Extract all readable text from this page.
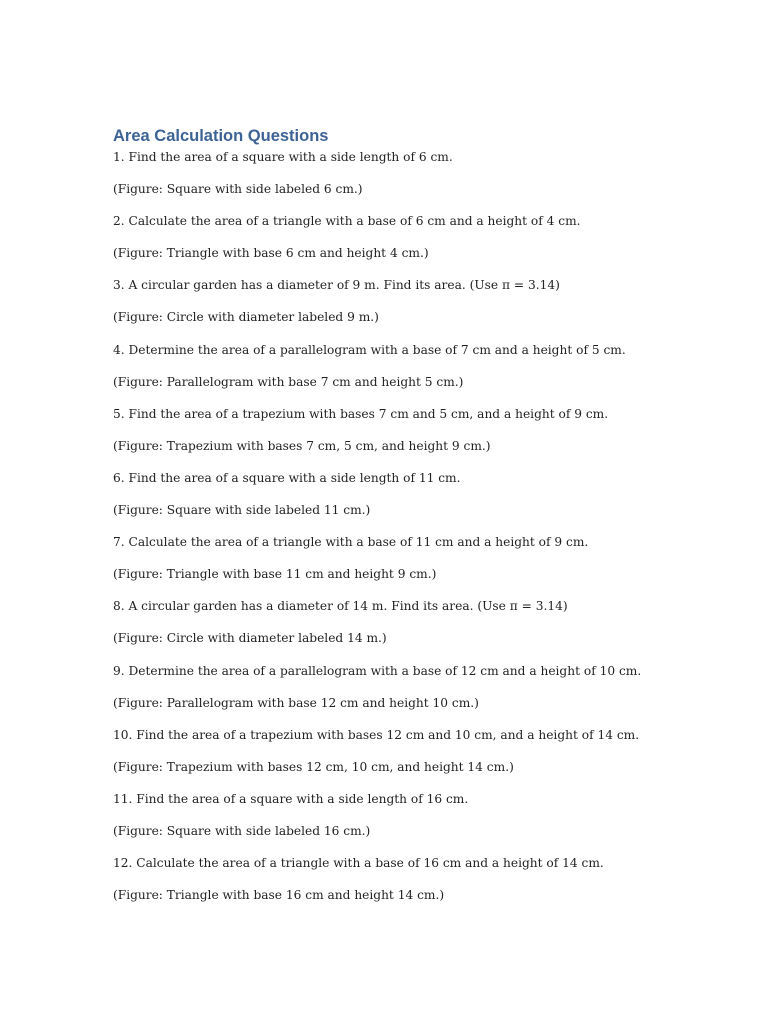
Area Calculation Questions
1. Find the area of a square with a side length of 6 cm.
(Figure: Square with side labeled 6 cm.)
2. Calculate the area of a triangle with a base of 6 cm and a height of 4 cm.
(Figure: Triangle with base 6 cm and height 4 cm.)
3. A circular garden has a diameter of 9 m. Find its area. (Use π = 3.14)
(Figure: Circle with diameter labeled 9 m.)
4. Determine the area of a parallelogram with a base of 7 cm and a height of 5 cm.
(Figure: Parallelogram with base 7 cm and height 5 cm.)
5. Find the area of a trapezium with bases 7 cm and 5 cm, and a height of 9 cm.
(Figure: Trapezium with bases 7 cm, 5 cm, and height 9 cm.)
6. Find the area of a square with a side length of 11 cm.
(Figure: Square with side labeled 11 cm.)
7. Calculate the area of a triangle with a base of 11 cm and a height of 9 cm.
(Figure: Triangle with base 11 cm and height 9 cm.)
8. A circular garden has a diameter of 14 m. Find its area. (Use π = 3.14)
(Figure: Circle with diameter labeled 14 m.)
9. Determine the area of a parallelogram with a base of 12 cm and a height of 10 cm.
(Figure: Parallelogram with base 12 cm and height 10 cm.)
10. Find the area of a trapezium with bases 12 cm and 10 cm, and a height of 14 cm.
(Figure: Trapezium with bases 12 cm, 10 cm, and height 14 cm.)
11. Find the area of a square with a side length of 16 cm.
(Figure: Square with side labeled 16 cm.)
12. Calculate the area of a triangle with a base of 16 cm and a height of 14 cm.
(Figure: Triangle with base 16 cm and height 14 cm.)
